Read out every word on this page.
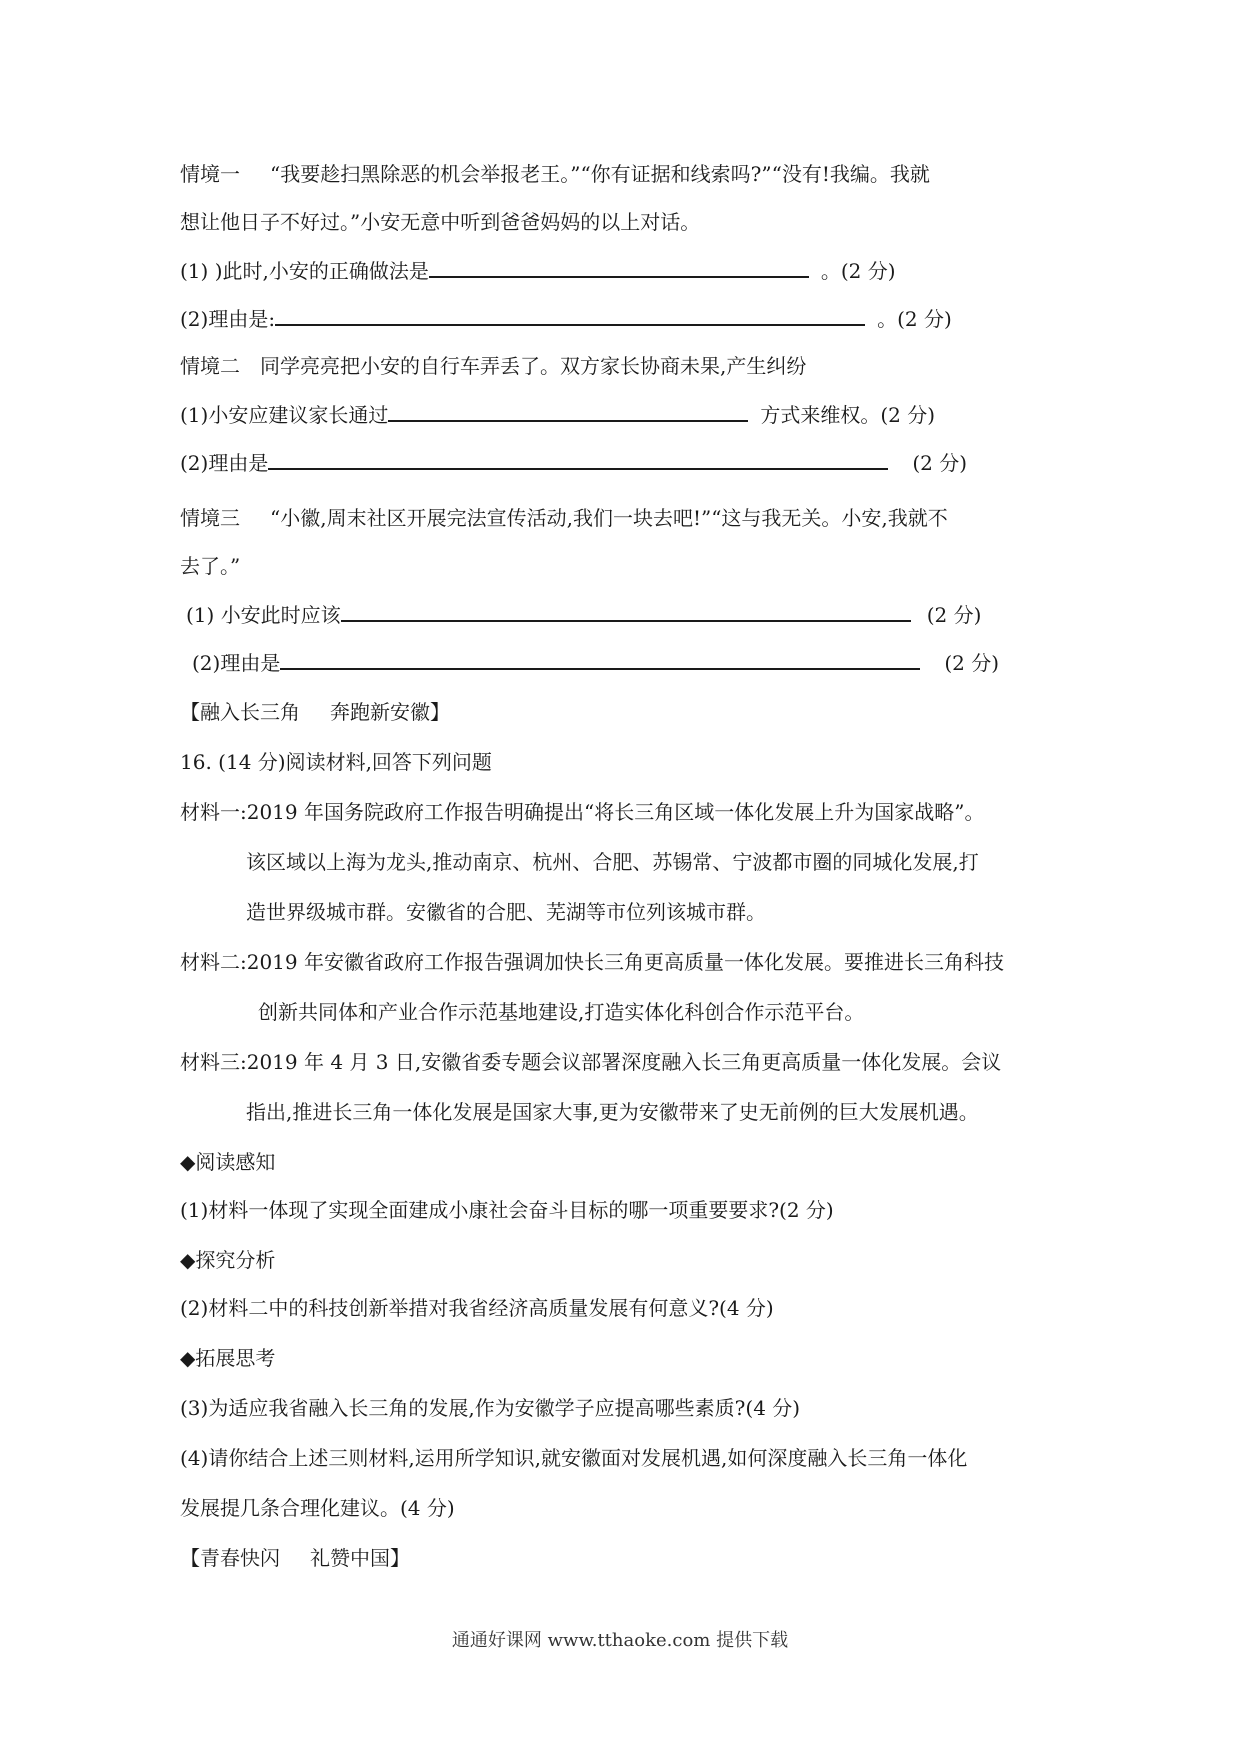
情境一 “我要趁扫黑除恶的机会举报老王。”“你有证据和线索吗?”“没有!我编。我就
想让他日子不好过。”小安无意中听到爸爸妈妈的以上对话。
(1) )此时,小安的正确做法是	。(2 分)
(2)理由是:	。(2 分)
情境二 同学亮亮把小安的自行车弄丢了。双方家长协商未果,产生纠纷
(1)小安应建议家长通过	方式来维权。(2 分)
(2)理由是	(2 分)
情境三 “小徽,周末社区开展完法宣传活动,我们一块去吧!”“这与我无关。小安,我就不
去了。”
(1) 小安此时应该	(2 分)
(2)理由是	(2 分)
【融入长三角 奔跑新安徽】
16. (14 分)阅读材料,回答下列问题
材料一:2019 年国务院政府工作报告明确提出“将长三角区域一体化发展上升为国家战略”。
该区域以上海为龙头,推动南京、杭州、合肥、苏锡常、宁波都市圈的同城化发展,打
造世界级城市群。安徽省的合肥、芜湖等市位列该城市群。
材料二:2019 年安徽省政府工作报告强调加快长三角更高质量一体化发展。要推进长三角科技
创新共同体和产业合作示范基地建设,打造实体化科创合作示范平台。
材料三:2019 年 4 月 3 日,安徽省委专题会议部署深度融入长三角更高质量一体化发展。会议
指出,推进长三角一体化发展是国家大事,更为安徽带来了史无前例的巨大发展机遇。
◆阅读感知
(1)材料一体现了实现全面建成小康社会奋斗目标的哪一项重要要求?(2 分)
◆探究分析
(2)材料二中的科技创新举措对我省经济高质量发展有何意义?(4 分)
◆拓展思考
(3)为适应我省融入长三角的发展,作为安徽学子应提高哪些素质?(4 分)
(4)请你结合上述三则材料,运用所学知识,就安徽面对发展机遇,如何深度融入长三角一体化
发展提几条合理化建议。(4 分)
【青春快闪 礼赞中国】
通通好课网 www.tthaoke.com 提供下载
